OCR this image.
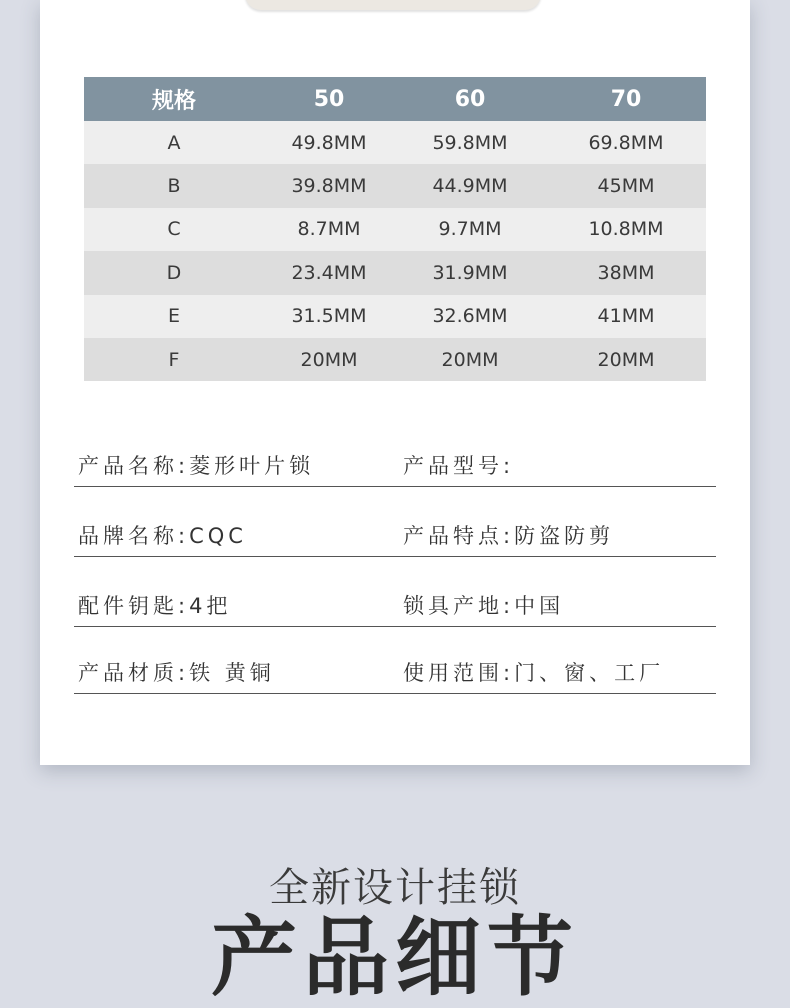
规格	50	60	70
A	49.8MM	59.8MM	69.8MM
B	39.8MM	44.9MM	45MM
C	8.7MM	9.7MM	10.8MM
D	23.4MM	31.9MM	38MM
E	31.5MM	32.6MM	41MM
F	20MM	20MM	20MM
产品名称:菱形叶片锁	产品型号:
品牌名称:CQC	产品特点:防盗防剪
配件钥匙:4把	锁具产地:中国
产品材质:铁 黄铜	使用范围:门、窗、工厂
全新设计挂锁
产品细节
